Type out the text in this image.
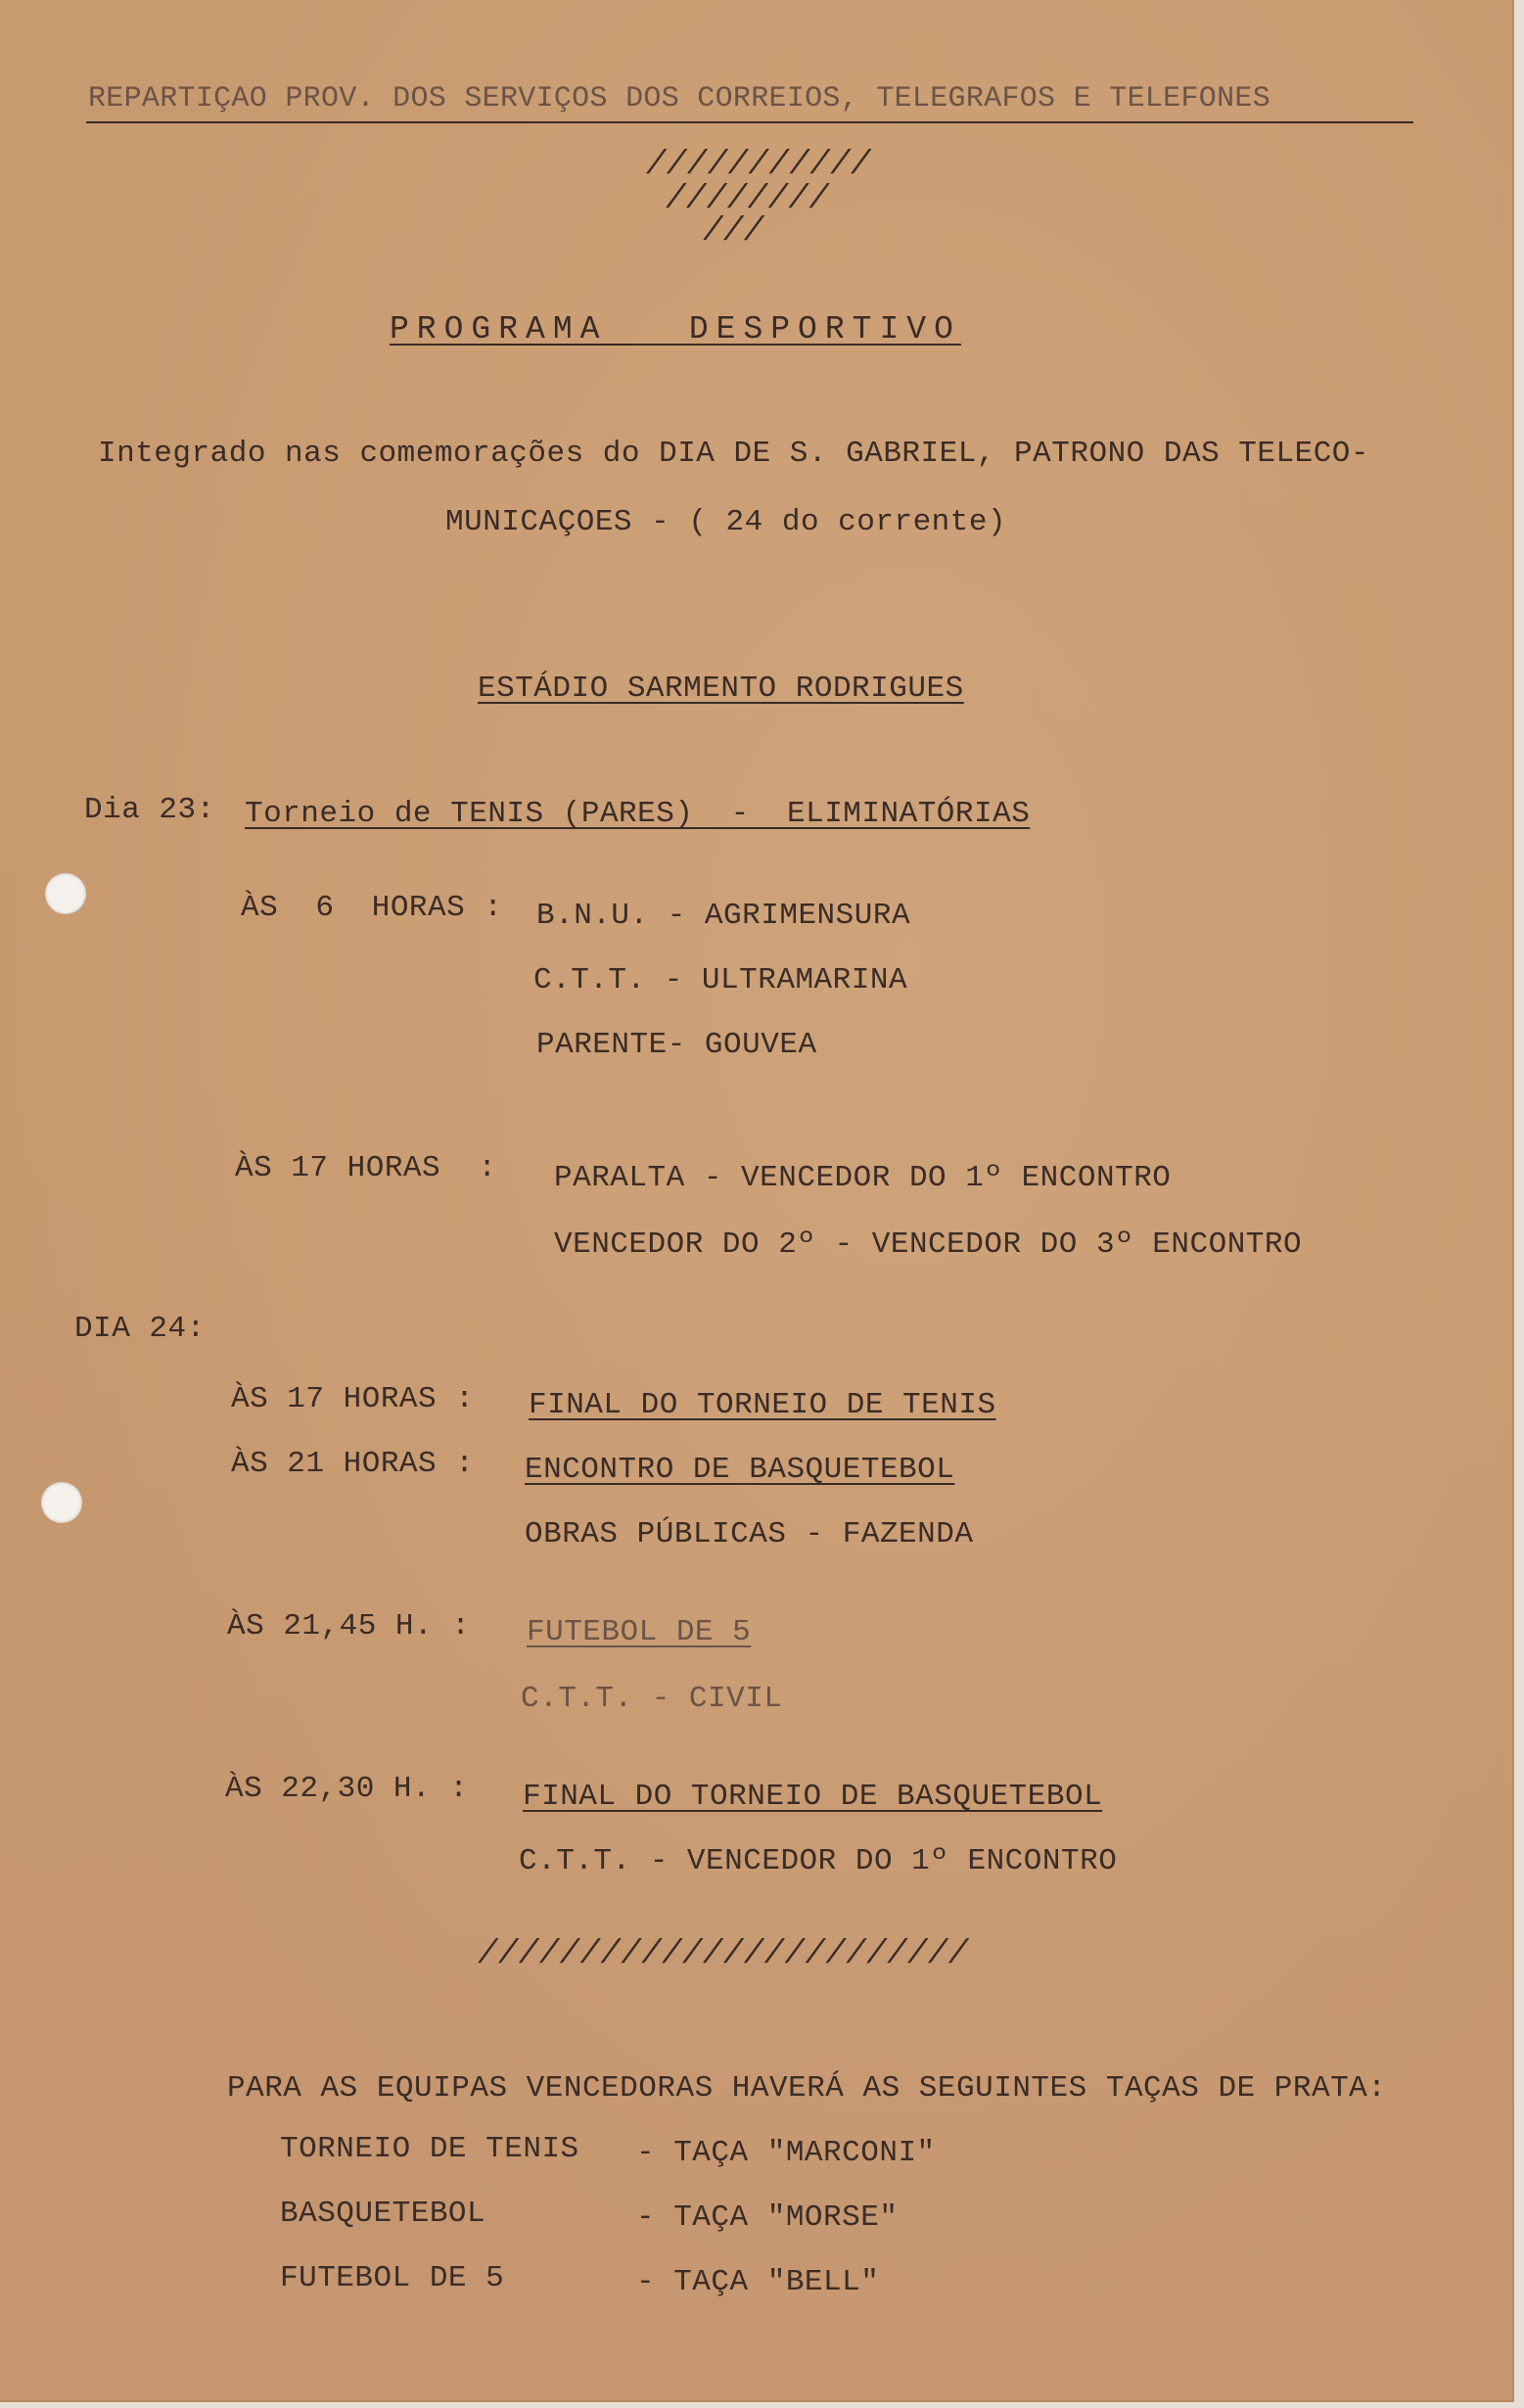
REPARTIÇAO PROV. DOS SERVIÇOS DOS CORREIOS, TELEGRAFOS E TELEFONES
///////////
////////
///
PROGRAMA   DESPORTIVO
Integrado nas comemorações do DIA DE S. GABRIEL, PATRONO DAS TELECO-
MUNICAÇOES - ( 24 do corrente)
ESTÁDIO SARMENTO RODRIGUES
Dia 23: Torneio de TENIS (PARES)  -  ELIMINATÓRIAS
ÀS  6  HORAS : B.N.U. - AGRIMENSURA
C.T.T. - ULTRAMARINA
PARENTE- GOUVEA
ÀS 17 HORAS  : PARALTA - VENCEDOR DO 1º ENCONTRO
VENCEDOR DO 2º - VENCEDOR DO 3º ENCONTRO
DIA 24:
ÀS 17 HORAS : FINAL DO TORNEIO DE TENIS
ÀS 21 HORAS : ENCONTRO DE BASQUETEBOL
OBRAS PÚBLICAS - FAZENDA
ÀS 21,45 H. : FUTEBOL DE 5
C.T.T. - CIVIL
ÀS 22,30 H. : FINAL DO TORNEIO DE BASQUETEBOL
C.T.T. - VENCEDOR DO 1º ENCONTRO
////////////////////////
PARA AS EQUIPAS VENCEDORAS HAVERÁ AS SEGUINTES TAÇAS DE PRATA:
TORNEIO DE TENIS - TAÇA "MARCONI"
BASQUETEBOL	- TAÇA "MORSE"
FUTEBOL DE 5	- TAÇA "BELL"
